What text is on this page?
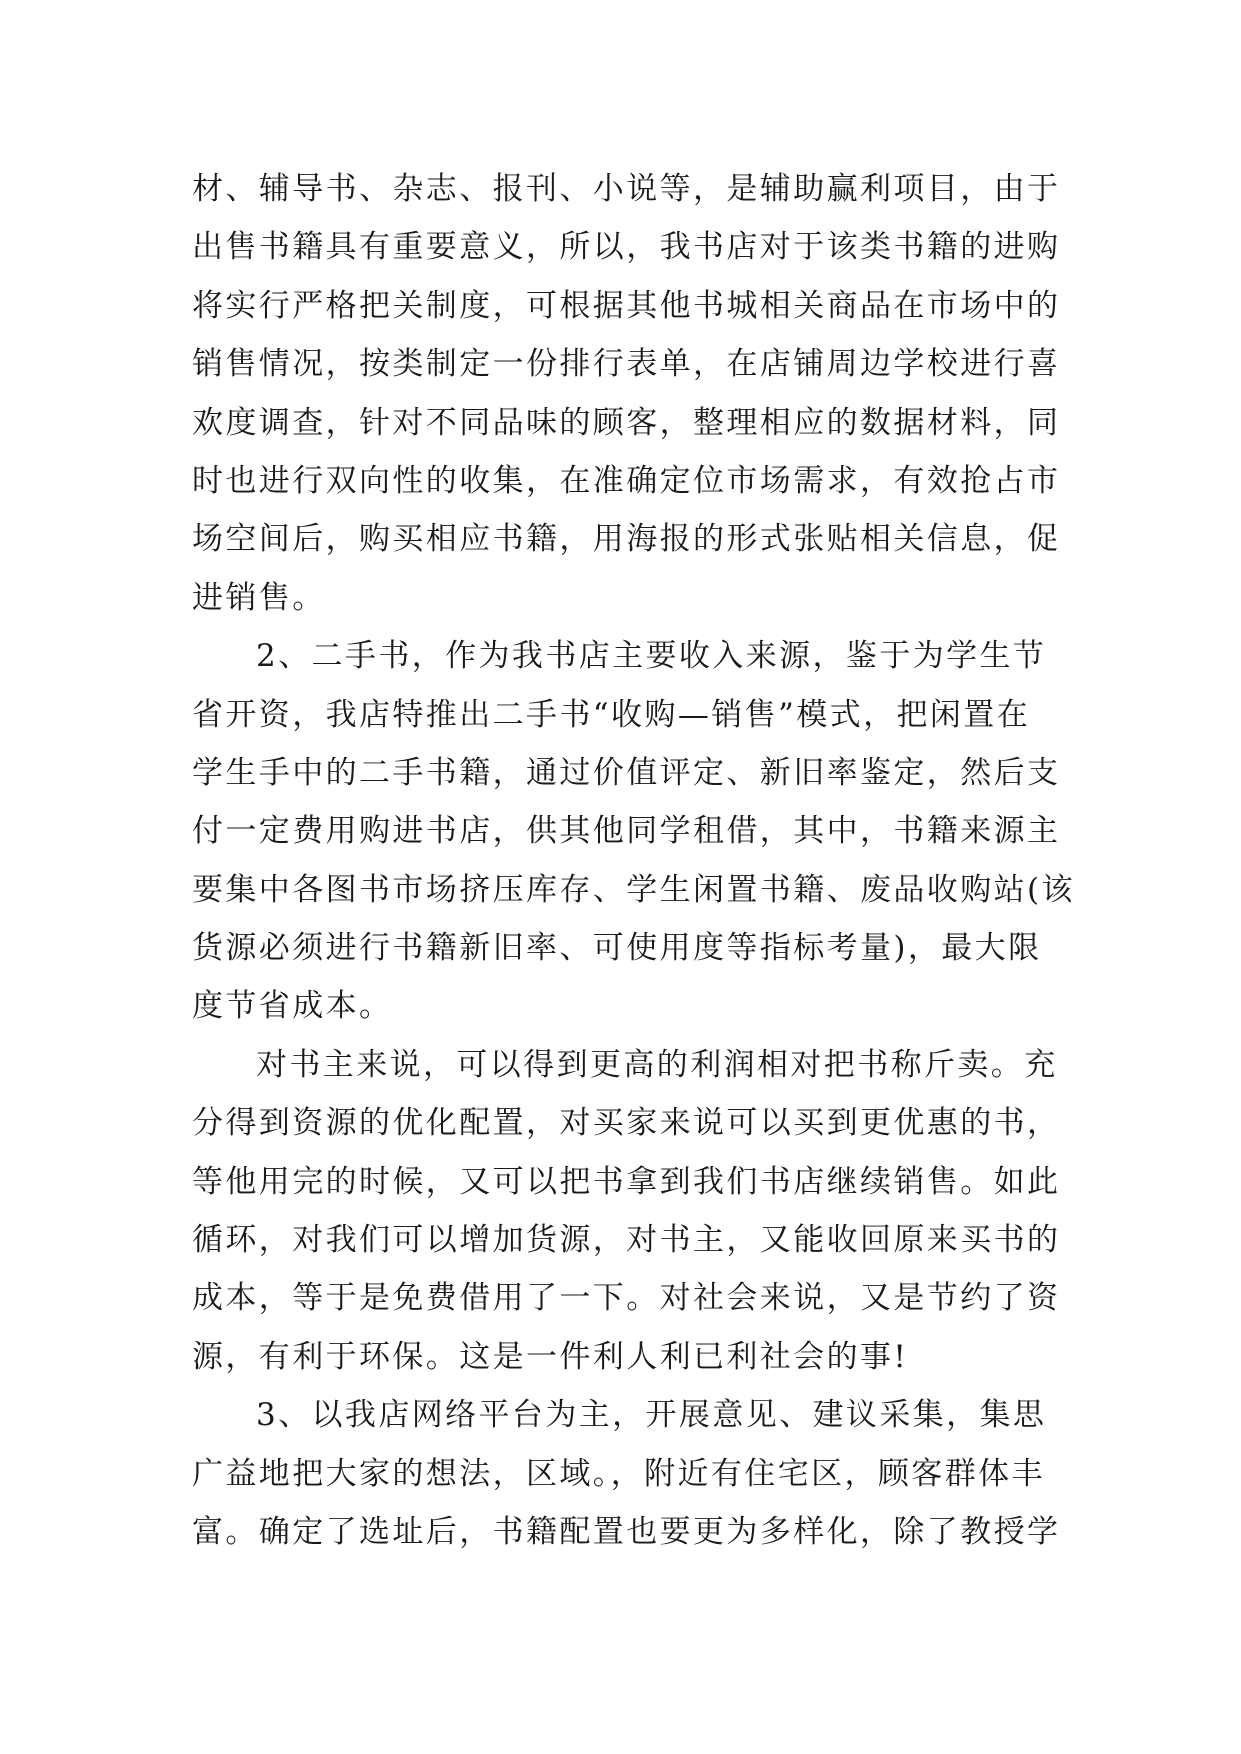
材、辅导书、杂志、报刊、小说等，是辅助赢利项目，由于
出售书籍具有重要意义，所以，我书店对于该类书籍的进购
将实行严格把关制度，可根据其他书城相关商品在市场中的
销售情况，按类制定一份排行表单，在店铺周边学校进行喜
欢度调查，针对不同品味的顾客，整理相应的数据材料，同
时也进行双向性的收集，在准确定位市场需求，有效抢占市
场空间后，购买相应书籍，用海报的形式张贴相关信息，促
进销售。
2、二手书，作为我书店主要收入来源，鉴于为学生节
省开资，我店特推出二手书“收购—销售”模式，把闲置在
学生手中的二手书籍，通过价值评定、新旧率鉴定，然后支
付一定费用购进书店，供其他同学租借，其中，书籍来源主
要集中各图书市场挤压库存、学生闲置书籍、废品收购站(该
货源必须进行书籍新旧率、可使用度等指标考量)，最大限
度节省成本。
对书主来说，可以得到更高的利润相对把书称斤卖。充
分得到资源的优化配置，对买家来说可以买到更优惠的书，
等他用完的时候，又可以把书拿到我们书店继续销售。如此
循环，对我们可以增加货源，对书主，又能收回原来买书的
成本，等于是免费借用了一下。对社会来说，又是节约了资
源，有利于环保。这是一件利人利已利社会的事!
3、以我店网络平台为主，开展意见、建议采集，集思
广益地把大家的想法，区域。，附近有住宅区，顾客群体丰
富。确定了选址后，书籍配置也要更为多样化，除了教授学
